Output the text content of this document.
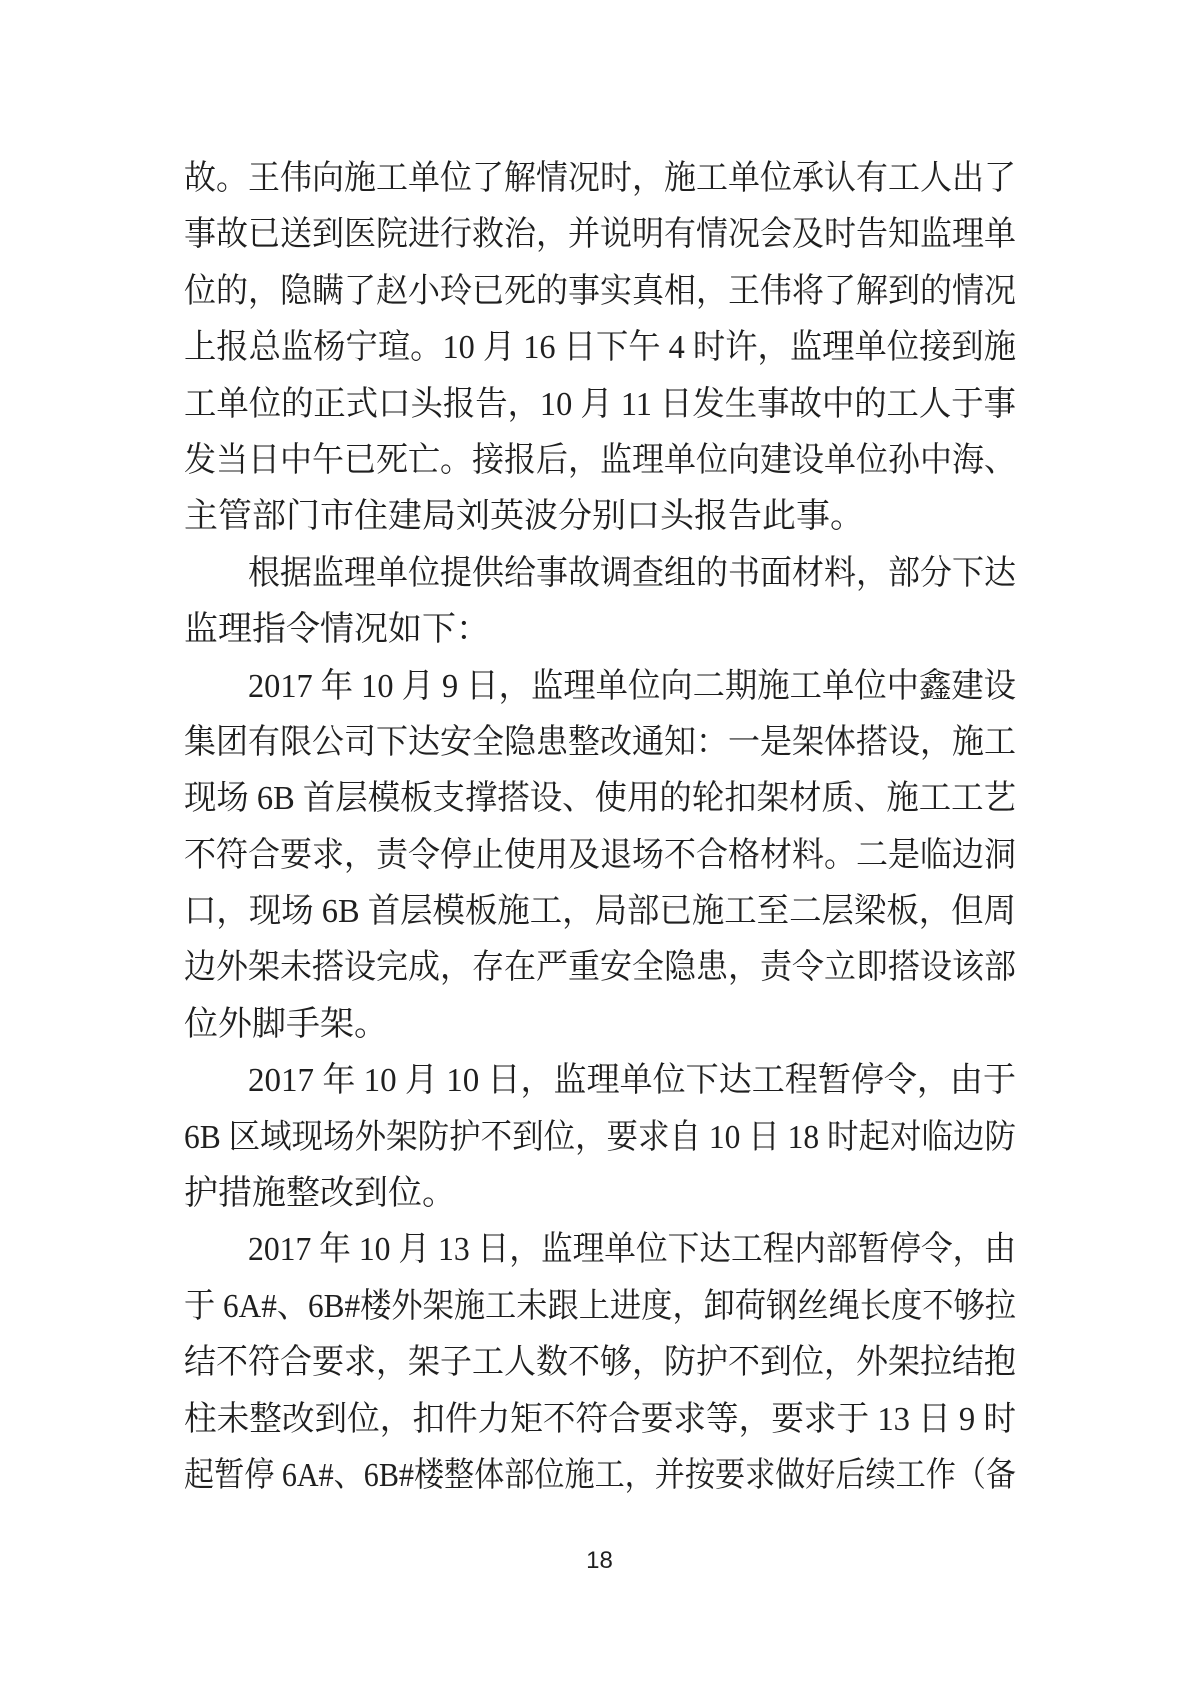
故。王伟向施工单位了解情况时，施工单位承认有工人出了
事故已送到医院进行救治，并说明有情况会及时告知监理单
位的，隐瞒了赵小玲已死的事实真相，王伟将了解到的情况
上报总监杨宁瑄。10 月 16 日下午 4 时许，监理单位接到施
工单位的正式口头报告，10 月 11 日发生事故中的工人于事
发当日中午已死亡。接报后，监理单位向建设单位孙中海、
主管部门市住建局刘英波分别口头报告此事。
根据监理单位提供给事故调查组的书面材料，部分下达
监理指令情况如下：
2017 年 10 月 9 日，监理单位向二期施工单位中鑫建设
集团有限公司下达安全隐患整改通知：一是架体搭设，施工
现场 6B 首层模板支撑搭设、使用的轮扣架材质、施工工艺
不符合要求，责令停止使用及退场不合格材料。二是临边洞
口，现场 6B 首层模板施工，局部已施工至二层梁板，但周
边外架未搭设完成，存在严重安全隐患，责令立即搭设该部
位外脚手架。
2017 年 10 月 10 日，监理单位下达工程暂停令，由于
6B 区域现场外架防护不到位，要求自 10 日 18 时起对临边防
护措施整改到位。
2017 年 10 月 13 日，监理单位下达工程内部暂停令，由
于 6A#、6B#楼外架施工未跟上进度，卸荷钢丝绳长度不够拉
结不符合要求，架子工人数不够，防护不到位，外架拉结抱
柱未整改到位，扣件力矩不符合要求等，要求于 13 日 9 时
起暂停 6A#、6B#楼整体部位施工，并按要求做好后续工作（备
18
